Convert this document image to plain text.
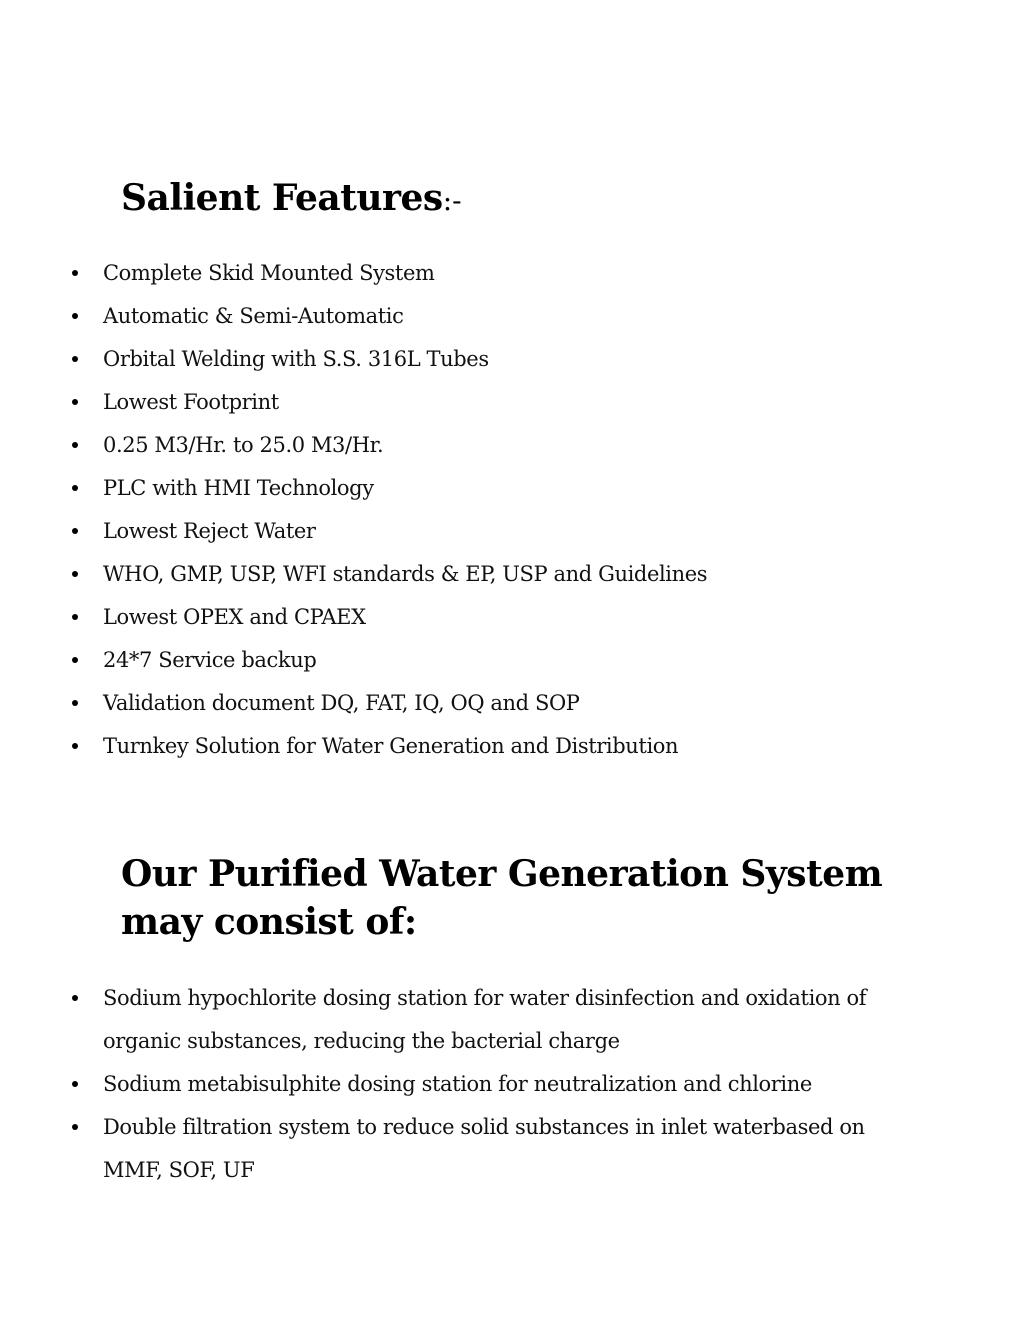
Salient Features:-
Complete Skid Mounted System
Automatic & Semi-Automatic
Orbital Welding with S.S. 316L Tubes
Lowest Footprint
0.25 M3/Hr. to 25.0 M3/Hr.
PLC with HMI Technology
Lowest Reject Water
WHO, GMP, USP, WFI standards & EP, USP and Guidelines
Lowest OPEX and CPAEX
24*7 Service backup
Validation document DQ, FAT, IQ, OQ and SOP
Turnkey Solution for Water Generation and Distribution
Our Purified Water Generation System may consist of:
Sodium hypochlorite dosing station for water disinfection and oxidation of organic substances, reducing the bacterial charge
Sodium metabisulphite dosing station for neutralization and chlorine
Double filtration system to reduce solid substances in inlet waterbased on MMF, SOF, UF
